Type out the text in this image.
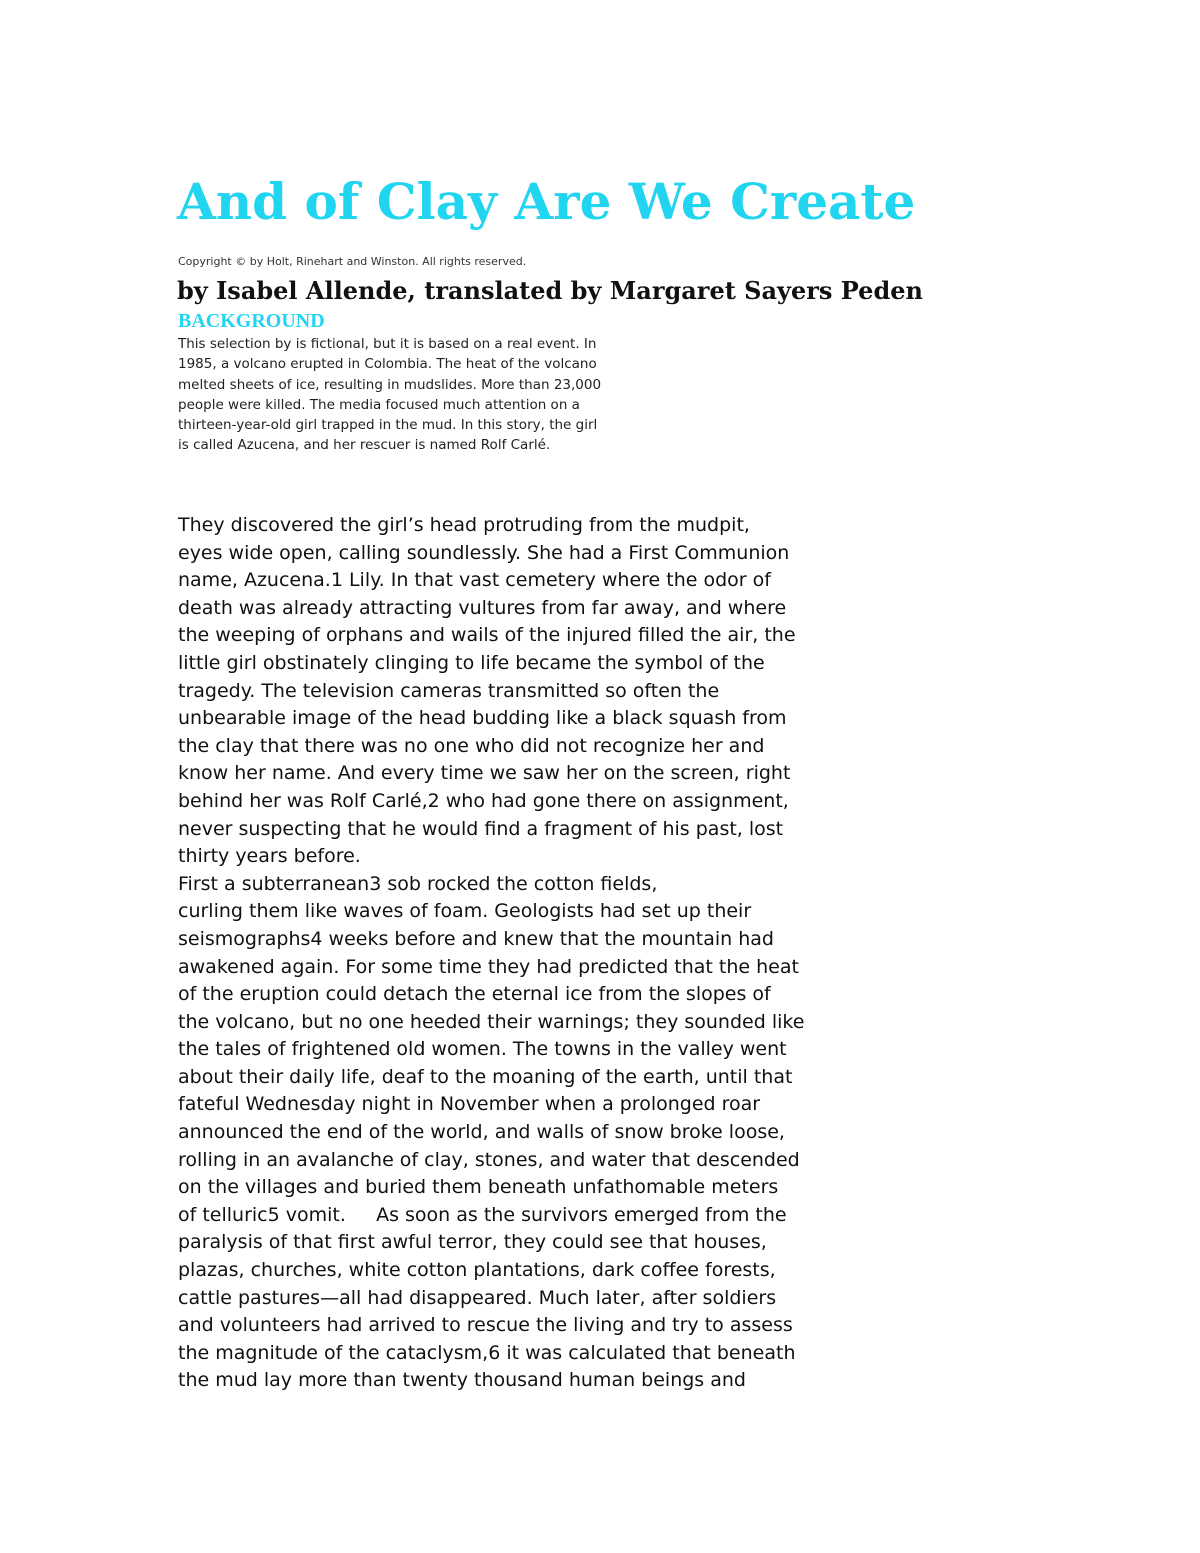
And of Clay Are We Create

Copyright © by Holt, Rinehart and Winston. All rights reserved.

by Isabel Allende, translated by Margaret Sayers Peden
BACKGROUND
This selection by is fictional, but it is based on a real event. In
1985, a volcano erupted in Colombia. The heat of the volcano
melted sheets of ice, resulting in mudslides. More than 23,000
people were killed. The media focused much attention on a
thirteen-year-old girl trapped in the mud. In this story, the girl
is called Azucena, and her rescuer is named Rolf Carlé.
They discovered the girl’s head protruding from the mudpit,
eyes wide open, calling soundlessly. She had a First Communion
name, Azucena.1 Lily. In that vast cemetery where the odor of
death was already attracting vultures from far away, and where
the weeping of orphans and wails of the injured filled the air, the
little girl obstinately clinging to life became the symbol of the
tragedy. The television cameras transmitted so often the
unbearable image of the head budding like a black squash from
the clay that there was no one who did not recognize her and
know her name. And every time we saw her on the screen, right
behind her was Rolf Carlé,2 who had gone there on assignment,
never suspecting that he would find a fragment of his past, lost
thirty years before.
First a subterranean3 sob rocked the cotton fields,
curling them like waves of foam. Geologists had set up their
seismographs4 weeks before and knew that the mountain had
awakened again. For some time they had predicted that the heat
of the eruption could detach the eternal ice from the slopes of
the volcano, but no one heeded their warnings; they sounded like
the tales of frightened old women. The towns in the valley went
about their daily life, deaf to the moaning of the earth, until that
fateful Wednesday night in November when a prolonged roar
announced the end of the world, and walls of snow broke loose,
rolling in an avalanche of clay, stones, and water that descended
on the villages and buried them beneath unfathomable meters
of telluric5 vomit.     As soon as the survivors emerged from the
paralysis of that first awful terror, they could see that houses,
plazas, churches, white cotton plantations, dark coffee forests,
cattle pastures—all had disappeared. Much later, after soldiers
and volunteers had arrived to rescue the living and try to assess
the magnitude of the cataclysm,6 it was calculated that beneath
the mud lay more than twenty thousand human beings and
